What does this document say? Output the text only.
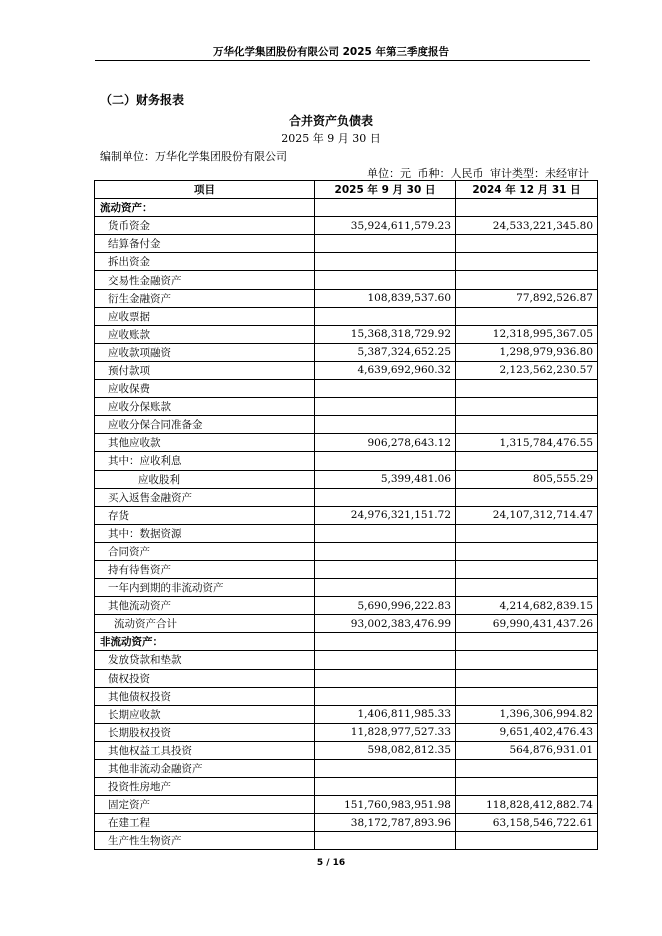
万华化学集团股份有限公司 2025 年第三季度报告
（二）财务报表
合并资产负债表
2025 年 9 月 30 日
编制单位：万华化学集团股份有限公司
单位：元 币种：人民币 审计类型：未经审计
项目	2025 年 9 月 30 日	2024 年 12 月 31 日
流动资产：		
货币资金	35,924,611,579.23	24,533,221,345.80
结算备付金		
拆出资金		
交易性金融资产		
衍生金融资产	108,839,537.60	77,892,526.87
应收票据		
应收账款	15,368,318,729.92	12,318,995,367.05
应收款项融资	5,387,324,652.25	1,298,979,936.80
预付款项	4,639,692,960.32	2,123,562,230.57
应收保费		
应收分保账款		
应收分保合同准备金		
其他应收款	906,278,643.12	1,315,784,476.55
其中：应收利息		
应收股利	5,399,481.06	805,555.29
买入返售金融资产		
存货	24,976,321,151.72	24,107,312,714.47
其中：数据资源		
合同资产		
持有待售资产		
一年内到期的非流动资产		
其他流动资产	5,690,996,222.83	4,214,682,839.15
流动资产合计	93,002,383,476.99	69,990,431,437.26
非流动资产：		
发放贷款和垫款		
债权投资		
其他债权投资		
长期应收款	1,406,811,985.33	1,396,306,994.82
长期股权投资	11,828,977,527.33	9,651,402,476.43
其他权益工具投资	598,082,812.35	564,876,931.01
其他非流动金融资产		
投资性房地产		
固定资产	151,760,983,951.98	118,828,412,882.74
在建工程	38,172,787,893.96	63,158,546,722.61
生产性生物资产		
5 / 16
